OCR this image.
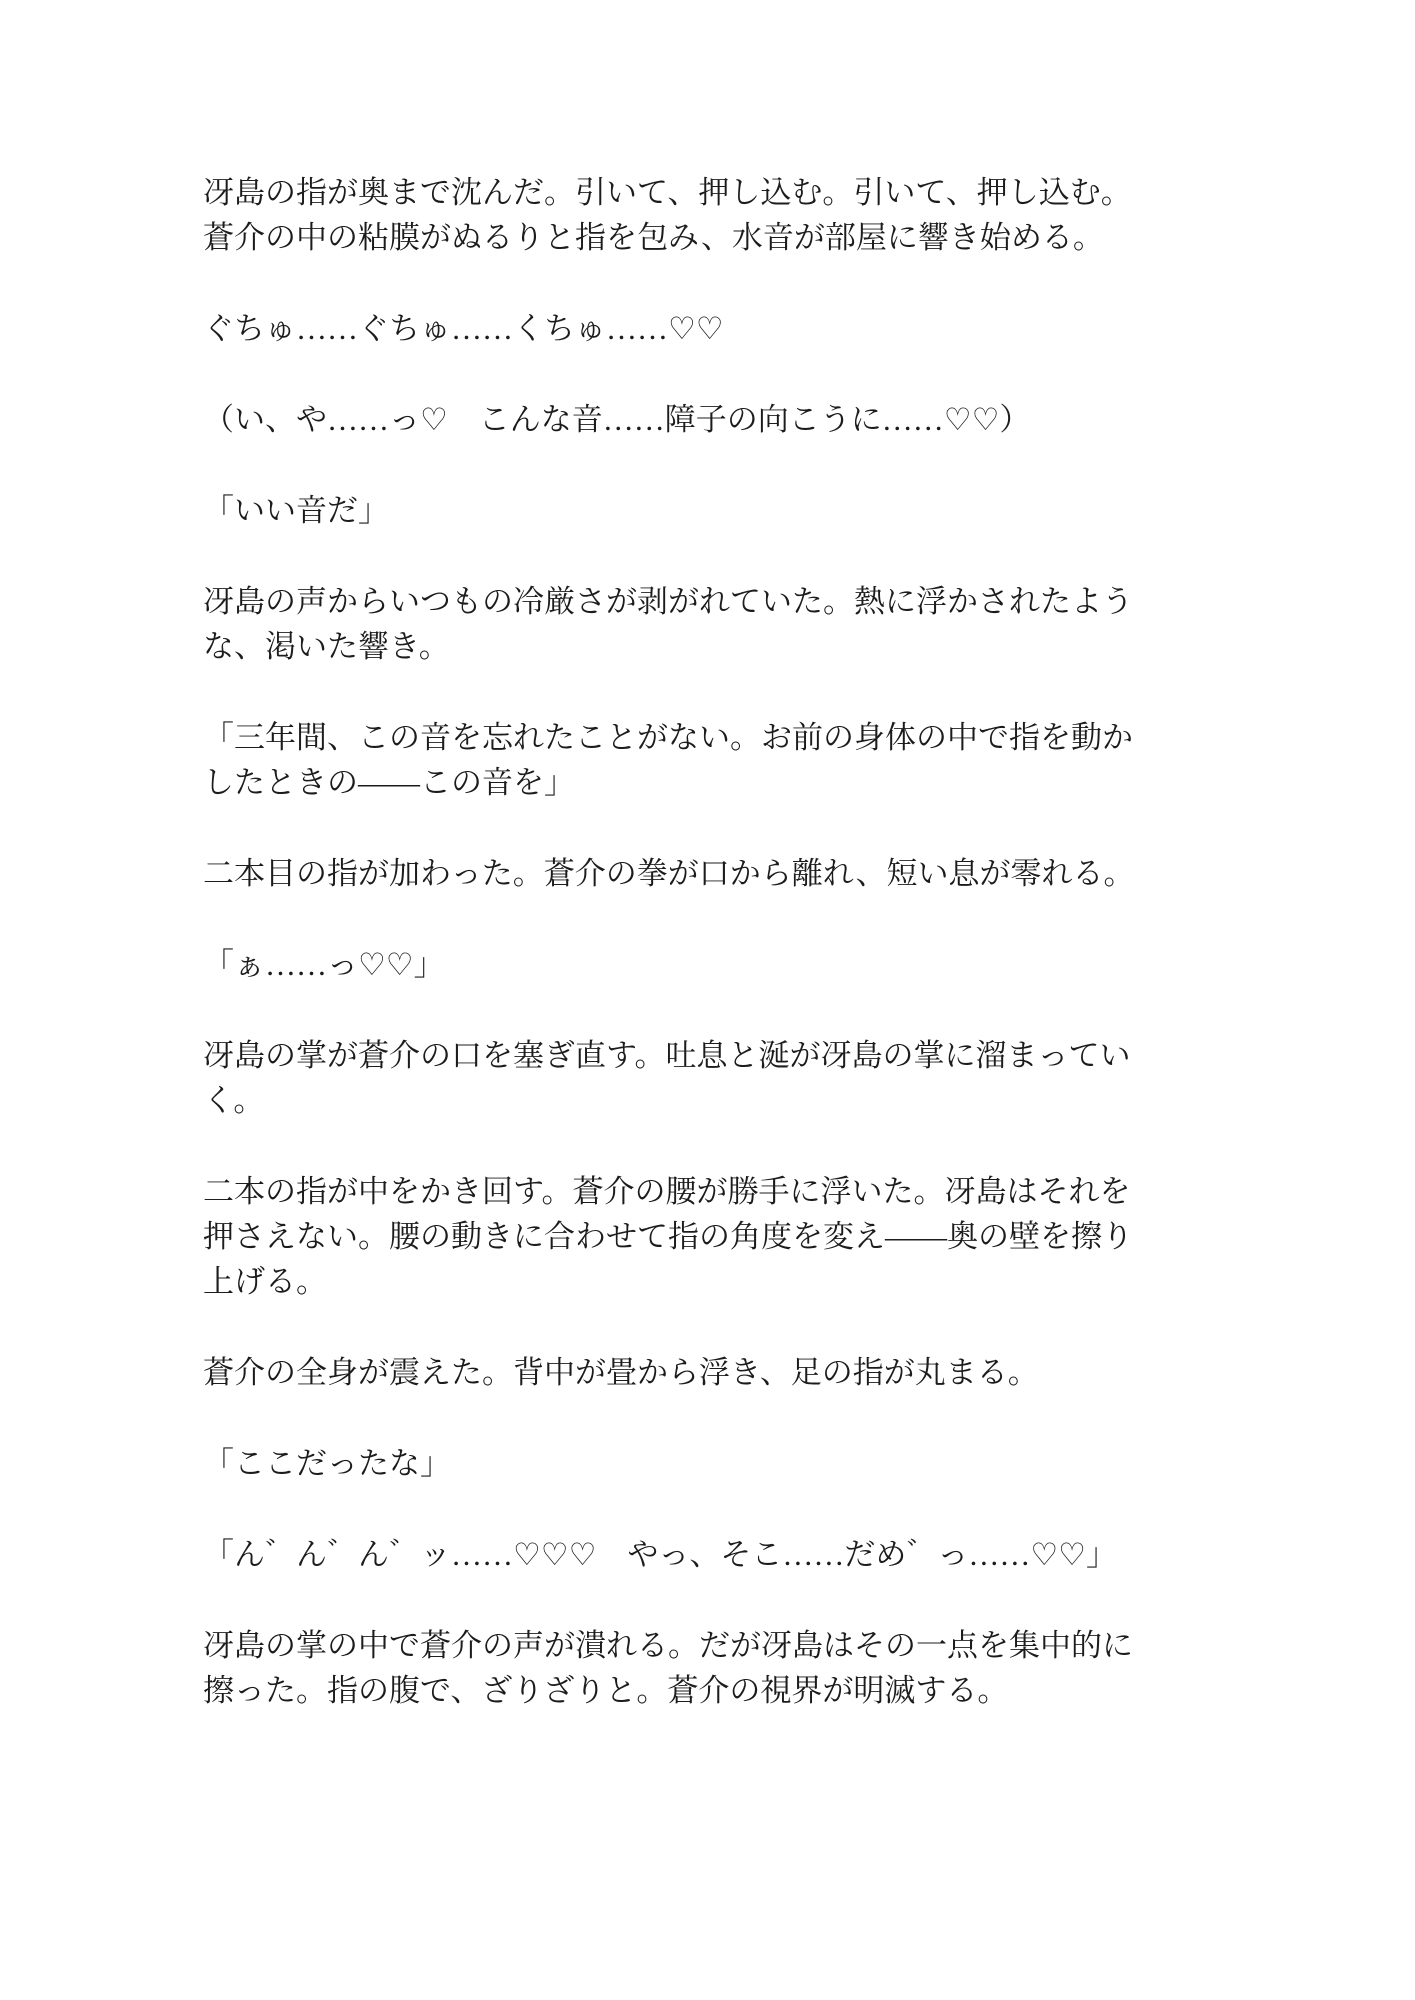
冴島の指が奥まで沈んだ。引いて、押し込む。引いて、押し込む。蒼介の中の粘膜がぬるりと指を包み、水音が部屋に響き始める。

ぐちゅ……ぐちゅ……くちゅ……♡♡

（い、や……っ♡　こんな音……障子の向こうに……♡♡）

「いい音だ」

冴島の声からいつもの冷厳さが剥がれていた。熱に浮かされたような、渇いた響き。

「三年間、この音を忘れたことがない。お前の身体の中で指を動かしたときの——この音を」

二本目の指が加わった。蒼介の拳が口から離れ、短い息が零れる。

「ぁ……っ♡♡」

冴島の掌が蒼介の口を塞ぎ直す。吐息と涎が冴島の掌に溜まっていく。

二本の指が中をかき回す。蒼介の腰が勝手に浮いた。冴島はそれを押さえない。腰の動きに合わせて指の角度を変え——奥の壁を擦り上げる。

蒼介の全身が震えた。背中が畳から浮き、足の指が丸まる。

「ここだったな」

「ん゛ん゛ん゛ッ……♡♡♡　やっ、そこ……だめ゛っ……♡♡」

冴島の掌の中で蒼介の声が潰れる。だが冴島はその一点を集中的に擦った。指の腹で、ざりざりと。蒼介の視界が明滅する。
